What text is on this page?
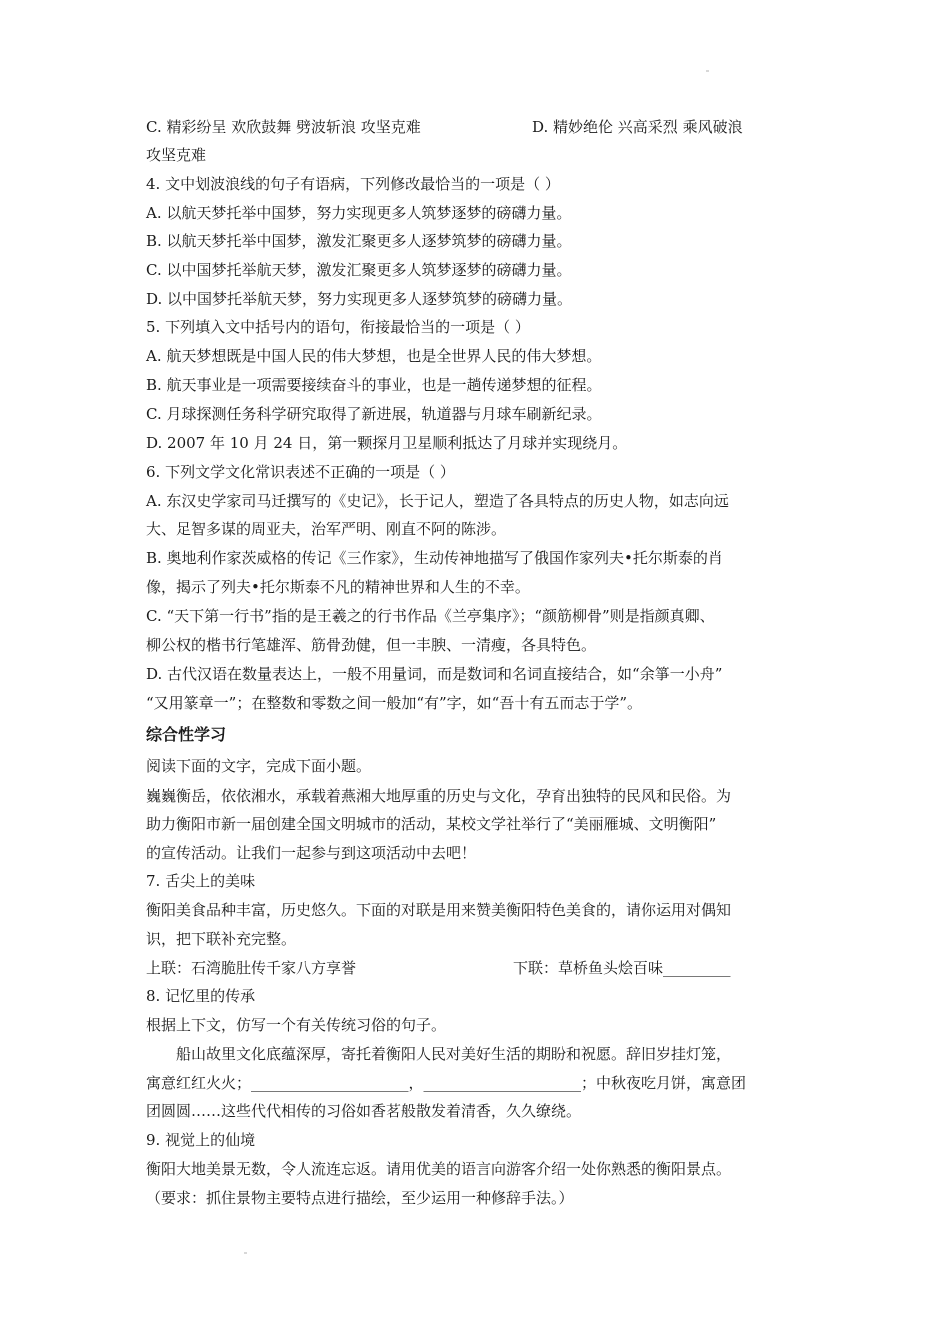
C. 精彩纷呈 欢欣鼓舞 劈波斩浪 攻坚克难	D. 精妙绝伦 兴高采烈 乘风破浪
攻坚克难
4. 文中划波浪线的句子有语病，下列修改最恰当的一项是（ ）
A. 以航天梦托举中国梦，努力实现更多人筑梦逐梦的磅礴力量。
B. 以航天梦托举中国梦，激发汇聚更多人逐梦筑梦的磅礴力量。
C. 以中国梦托举航天梦，激发汇聚更多人筑梦逐梦的磅礴力量。
D. 以中国梦托举航天梦，努力实现更多人逐梦筑梦的磅礴力量。
5. 下列填入文中括号内的语句，衔接最恰当的一项是（ ）
A. 航天梦想既是中国人民的伟大梦想，也是全世界人民的伟大梦想。
B. 航天事业是一项需要接续奋斗的事业，也是一趟传递梦想的征程。
C. 月球探测任务科学研究取得了新进展，轨道器与月球车刷新纪录。
D. 2007 年 10 月 24 日，第一颗探月卫星顺利抵达了月球并实现绕月。
6. 下列文学文化常识表述不正确的一项是（ ）
A. 东汉史学家司马迁撰写的《史记》，长于记人，塑造了各具特点的历史人物，如志向远
大、足智多谋的周亚夫，治军严明、刚直不阿的陈涉。
B. 奥地利作家茨威格的传记《三作家》，生动传神地描写了俄国作家列夫•托尔斯泰的肖
像，揭示了列夫•托尔斯泰不凡的精神世界和人生的不幸。
C. “天下第一行书”指的是王羲之的行书作品《兰亭集序》；“颜筋柳骨”则是指颜真卿、
柳公权的楷书行笔雄浑、筋骨劲健，但一丰腴、一清瘦，各具特色。
D. 古代汉语在数量表达上，一般不用量词，而是数词和名词直接结合，如“余箏一小舟”
“又用篆章一”；在整数和零数之间一般加“有”字，如“吾十有五而志于学”。
综合性学习
阅读下面的文字，完成下面小题。
巍巍衡岳，依依湘水，承载着燕湘大地厚重的历史与文化，孕育出独特的民风和民俗。为
助力衡阳市新一届创建全国文明城市的活动，某校文学社举行了“美丽雁城、文明衡阳”
的宣传活动。让我们一起参与到这项活动中去吧！
7. 舌尖上的美味
衡阳美食品种丰富，历史悠久。下面的对联是用来赞美衡阳特色美食的，请你运用对偶知
识，把下联补充完整。
上联：石湾脆肚传千家八方享誉	下联：草桥鱼头烩百味_________
8. 记忆里的传承
根据上下文，仿写一个有关传统习俗的句子。
船山故里文化底蕴深厚，寄托着衡阳人民对美好生活的期盼和祝愿。辞旧岁挂灯笼，
寓意红红火火；_____________________，_____________________；中秋夜吃月饼，寓意团
团圆圆……这些代代相传的习俗如香茗般散发着清香，久久缭绕。
9. 视觉上的仙境
衡阳大地美景无数，令人流连忘返。请用优美的语言向游客介绍一处你熟悉的衡阳景点。
（要求：抓住景物主要特点进行描绘，至少运用一种修辞手法。）
